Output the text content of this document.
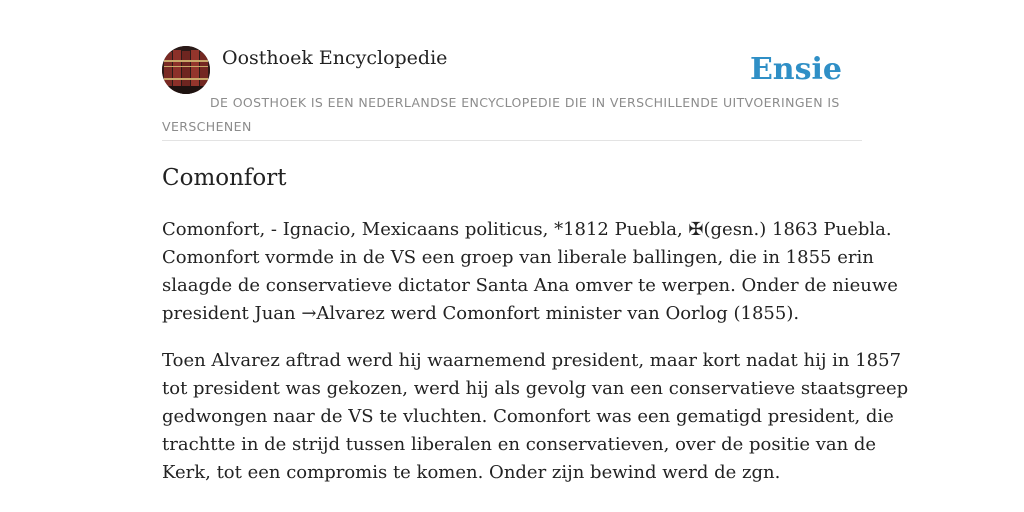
Oosthoek Encyclopedie	Ensie
DE OOSTHOEK IS EEN NEDERLANDSE ENCYCLOPEDIE DIE IN VERSCHILLENDE UITVOERINGEN IS VERSCHENEN
Comonfort

Comonfort, - Ignacio, Mexicaans politicus, *1812 Puebla, ✠(gesn.) 1863 Puebla.
Comonfort vormde in de VS een groep van liberale ballingen, die in 1855 erin
slaagde de conservatieve dictator Santa Ana omver te werpen. Onder de nieuwe
president Juan →Alvarez werd Comonfort minister van Oorlog (1855).

Toen Alvarez aftrad werd hij waarnemend president, maar kort nadat hij in 1857
tot president was gekozen, werd hij als gevolg van een conservatieve staatsgreep
gedwongen naar de VS te vluchten. Comonfort was een gematigd president, die
trachtte in de strijd tussen liberalen en conservatieven, over de positie van de
Kerk, tot een compromis te komen. Onder zijn bewind werd de zgn.
